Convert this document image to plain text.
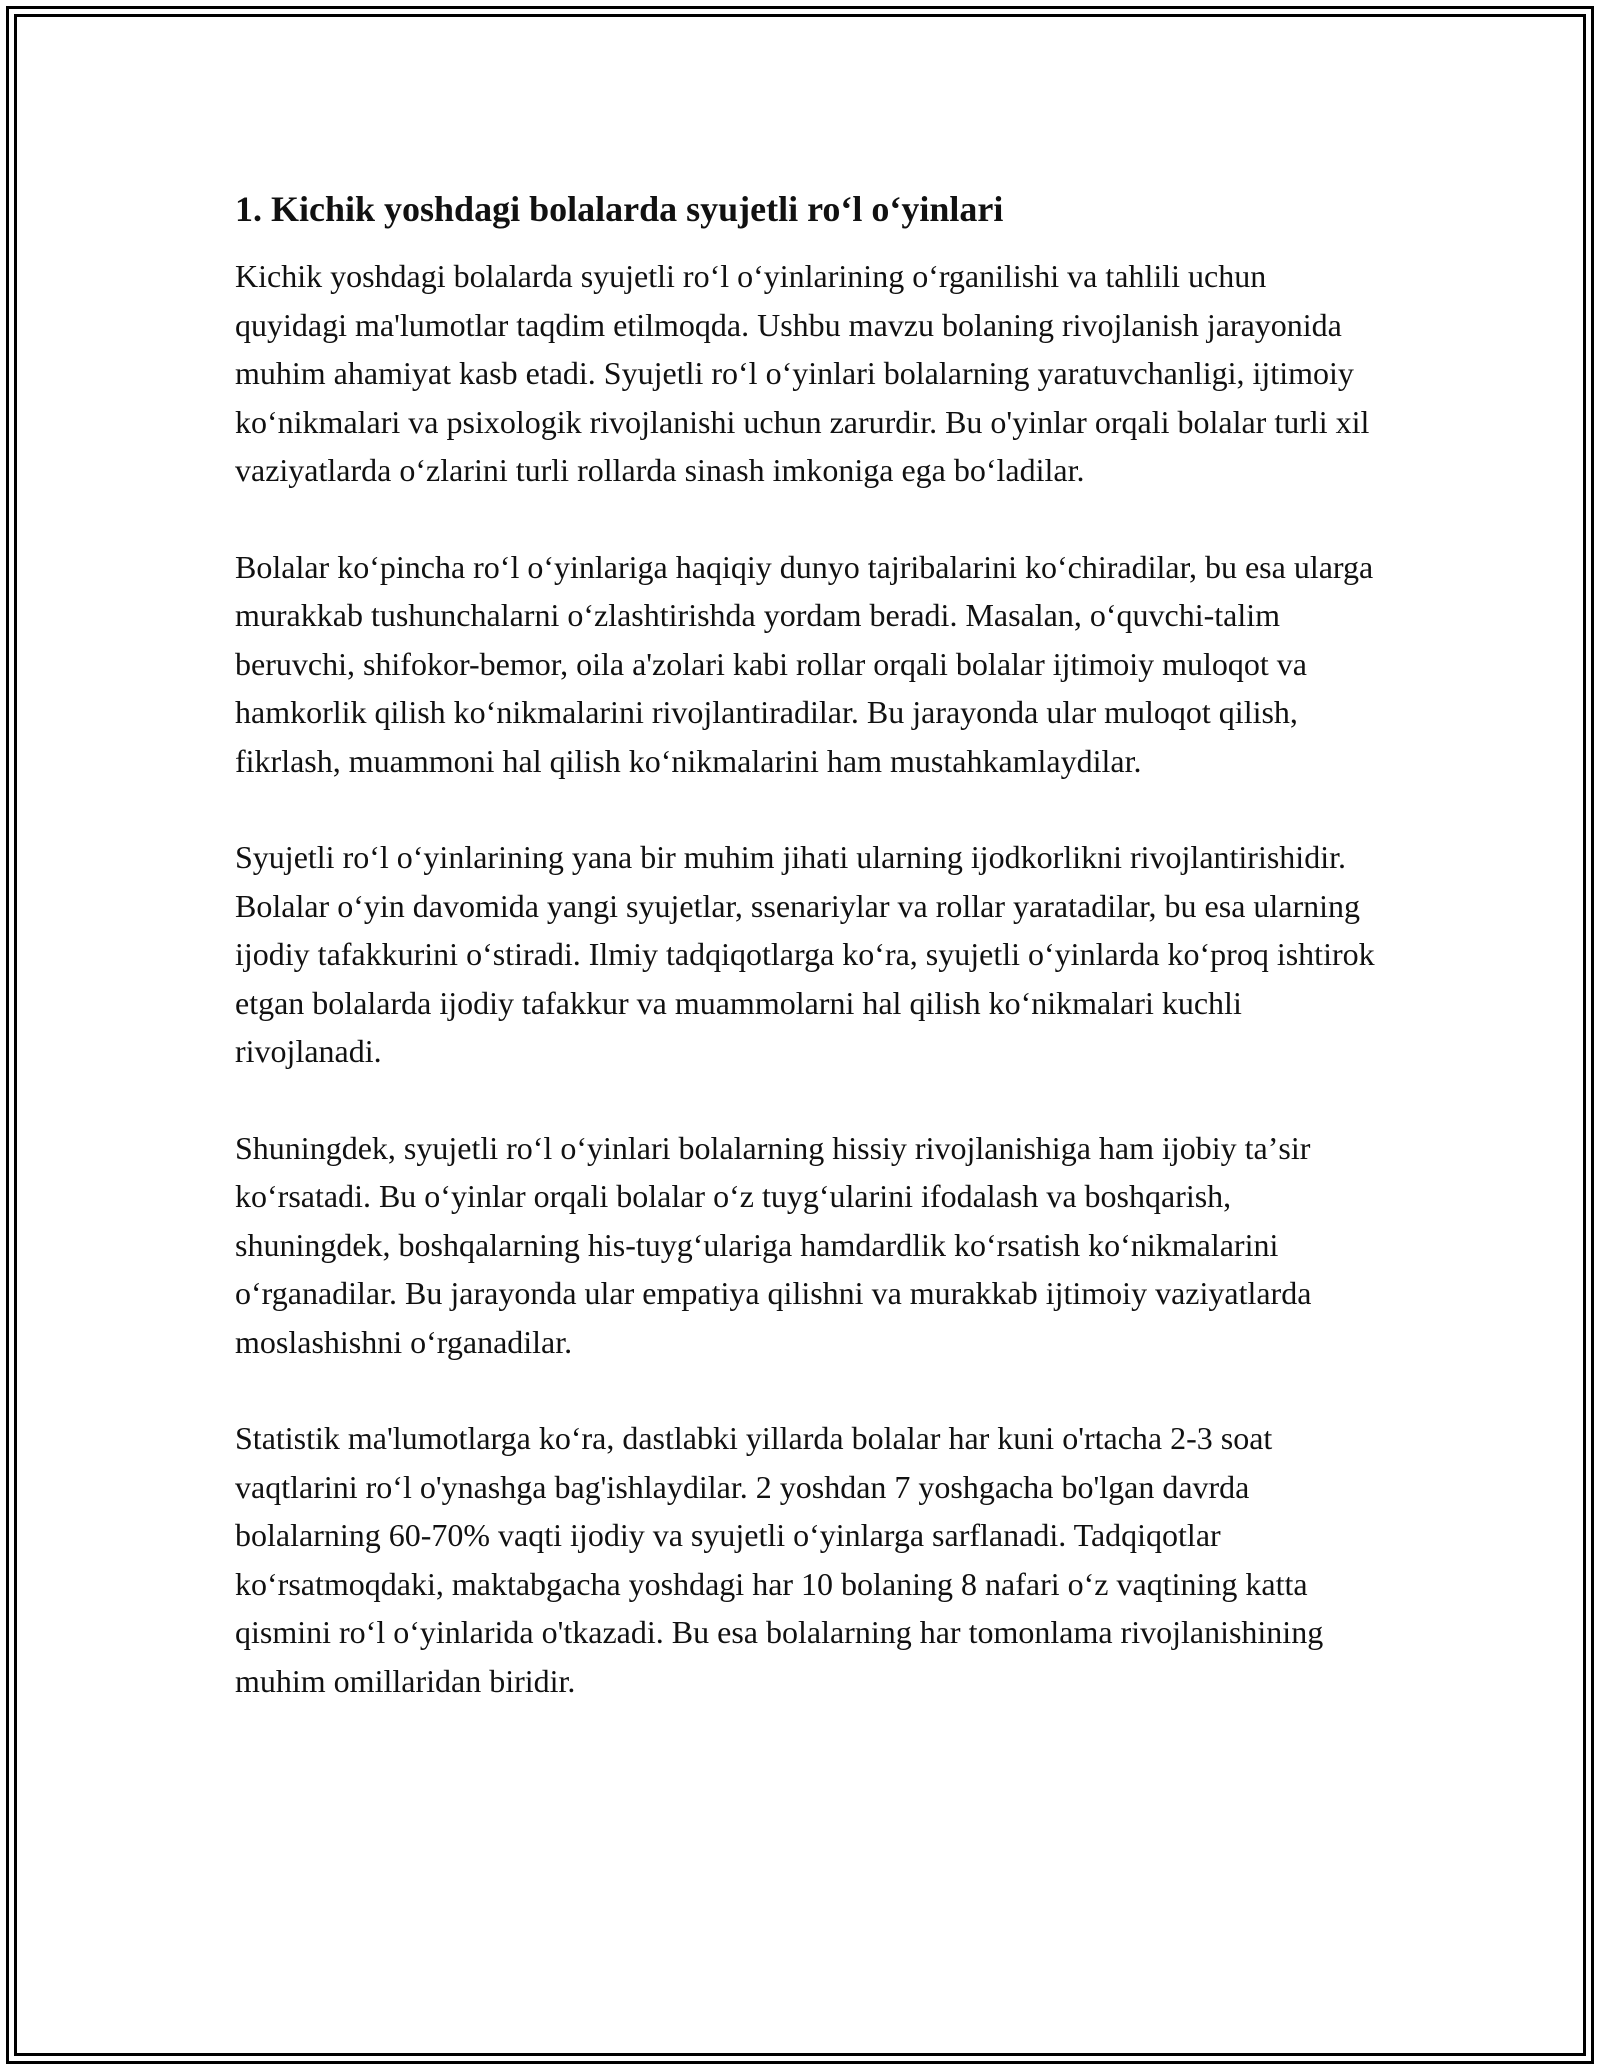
1. Kichik yoshdagi bolalarda syujetli roʻl oʻyinlari

Kichik yoshdagi bolalarda syujetli roʻl oʻyinlarining oʻrganilishi va tahlili uchun quyidagi ma'lumotlar taqdim etilmoqda. Ushbu mavzu bolaning rivojlanish jarayonida muhim ahamiyat kasb etadi. Syujetli roʻl oʻyinlari bolalarning yaratuvchanligi, ijtimoiy koʻnikmalari va psixologik rivojlanishi uchun zarurdir. Bu o'yinlar orqali bolalar turli xil vaziyatlarda oʻzlarini turli rollarda sinash imkoniga ega boʻladilar.

Bolalar koʻpincha roʻl oʻyinlariga haqiqiy dunyo tajribalarini koʻchiradilar, bu esa ularga murakkab tushunchalarni oʻzlashtirishda yordam beradi. Masalan, oʻquvchi-talim beruvchi, shifokor-bemor, oila a'zolari kabi rollar orqali bolalar ijtimoiy muloqot va hamkorlik qilish koʻnikmalarini rivojlantiradilar. Bu jarayonda ular muloqot qilish, fikrlash, muammoni hal qilish koʻnikmalarini ham mustahkamlaydilar.

Syujetli roʻl oʻyinlarining yana bir muhim jihati ularning ijodkorlikni rivojlantirishidir. Bolalar oʻyin davomida yangi syujetlar, ssenariylar va rollar yaratadilar, bu esa ularning ijodiy tafakkurini oʻstiradi. Ilmiy tadqiqotlarga koʻra, syujetli oʻyinlarda koʻproq ishtirok etgan bolalarda ijodiy tafakkur va muammolarni hal qilish koʻnikmalari kuchli rivojlanadi.

Shuningdek, syujetli roʻl oʻyinlari bolalarning hissiy rivojlanishiga ham ijobiy taʼsir koʻrsatadi. Bu oʻyinlar orqali bolalar oʻz tuygʻularini ifodalash va boshqarish, shuningdek, boshqalarning his-tuygʻulariga hamdardlik koʻrsatish koʻnikmalarini oʻrganadilar. Bu jarayonda ular empatiya qilishni va murakkab ijtimoiy vaziyatlarda moslashishni oʻrganadilar.

Statistik ma'lumotlarga koʻra, dastlabki yillarda bolalar har kuni o'rtacha 2-3 soat vaqtlarini roʻl o'ynashga bag'ishlaydilar. 2 yoshdan 7 yoshgacha bo'lgan davrda bolalarning 60-70% vaqti ijodiy va syujetli oʻyinlarga sarflanadi. Tadqiqotlar koʻrsatmoqdaki, maktabgacha yoshdagi har 10 bolaning 8 nafari oʻz vaqtining katta qismini roʻl oʻyinlarida o'tkazadi. Bu esa bolalarning har tomonlama rivojlanishining muhim omillaridan biridir.
